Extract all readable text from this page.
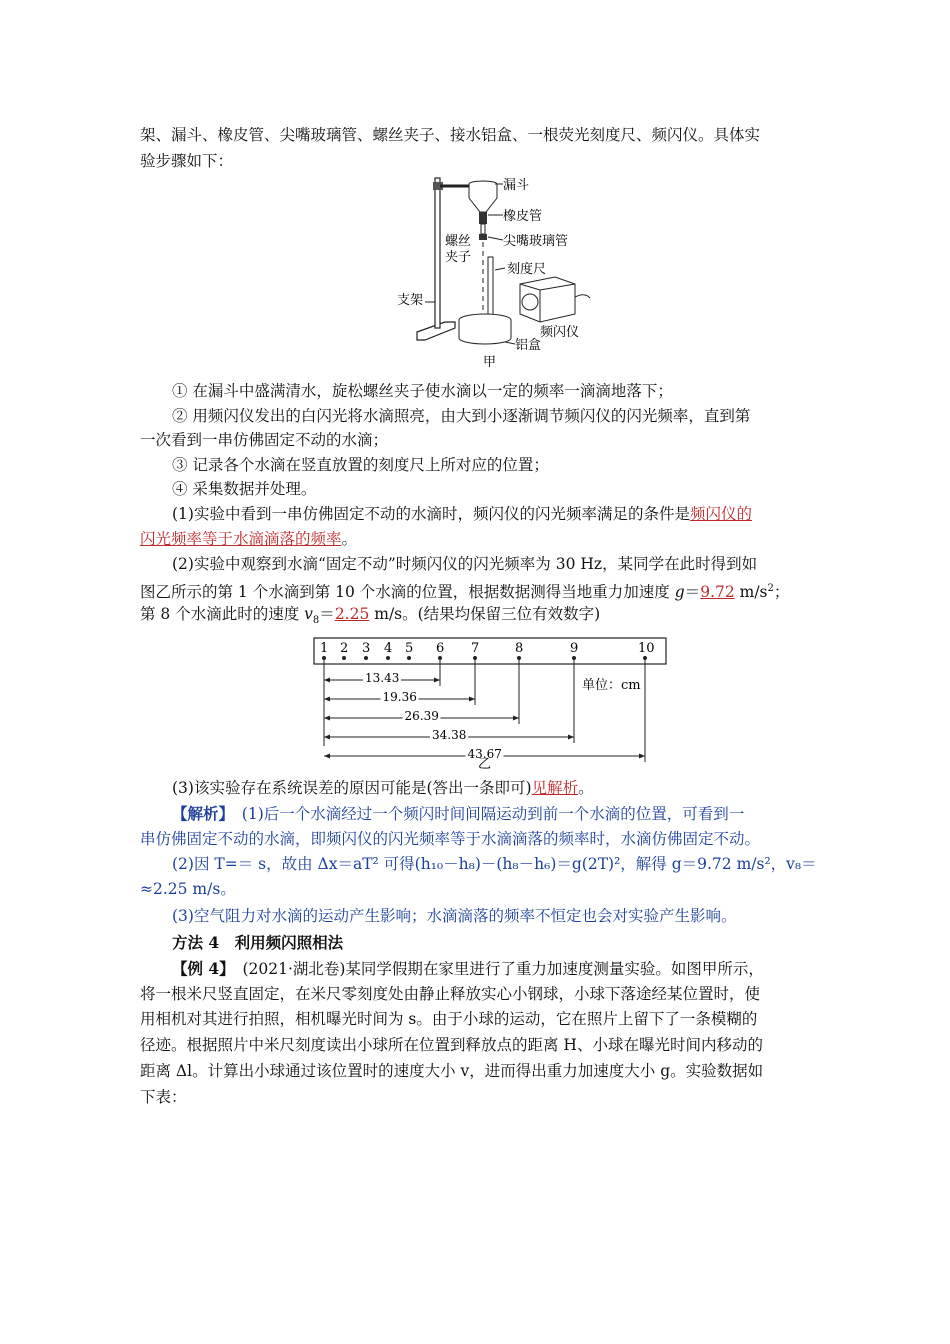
架、漏斗、橡皮管、尖嘴玻璃管、螺丝夹子、接水铝盒、一根荧光刻度尺、频闪仪。具体实
验步骤如下：
漏斗
橡皮管
尖嘴玻璃管
螺丝
夹子
刻度尺
支架
频闪仪
铝盒
甲
① 在漏斗中盛满清水，旋松螺丝夹子使水滴以一定的频率一滴滴地落下；
② 用频闪仪发出的白闪光将水滴照亮，由大到小逐渐调节频闪仪的闪光频率，直到第
一次看到一串仿佛固定不动的水滴；
③ 记录各个水滴在竖直放置的刻度尺上所对应的位置；
④ 采集数据并处理。
(1)实验中看到一串仿佛固定不动的水滴时，频闪仪的闪光频率满足的条件是频闪仪的
闪光频率等于水滴滴落的频率。
(2)实验中观察到水滴“固定不动”时频闪仪的闪光频率为 30 Hz，某同学在此时得到如
图乙所示的第 1 个水滴到第 10 个水滴的位置，根据数据测得当地重力加速度 g＝9.72 $m/s^2$；
第 8 个水滴此时的速度 $v_8=2.25$ m/s。(结果均保留三位有效数字)
1 2 3 4 5 6 7	8	9	10
13.43
19.36
26.39
34.38
43.67
单位：cm
乙
(3)该实验存在系统误差的原因可能是(答出一条即可)见解析。
【解析】　 (1)后一个水滴经过一个频闪时间间隔运动到前一个水滴的位置，可看到一
串仿佛固定不动的水滴，即频闪仪的闪光频率等于水滴滴落的频率时，水滴仿佛固定不动。
(2)因 T=＝ s，故由 Δx＝aT² 可得(h₁₀－h₈)－(h₈－h₆)＝g(2T)²，解得 g＝9.72 m/s²，v₈＝
≈2.25 m/s。
(3)空气阻力对水滴的运动产生影响；水滴滴落的频率不恒定也会对实验产生影响。
方法 4　利用频闪照相法
【例 4】　 (2021·湖北卷)某同学假期在家里进行了重力加速度测量实验。如图甲所示，
将一根米尺竖直固定，在米尺零刻度处由静止释放实心小钢球，小球下落途经某位置时，使
用相机对其进行拍照，相机曝光时间为 s。由于小球的运动，它在照片上留下了一条模糊的
径迹。根据照片中米尺刻度读出小球所在位置到释放点的距离 H、小球在曝光时间内移动的
距离 Δl。计算出小球通过该位置时的速度大小 v，进而得出重力加速度大小 g。实验数据如
下表：
